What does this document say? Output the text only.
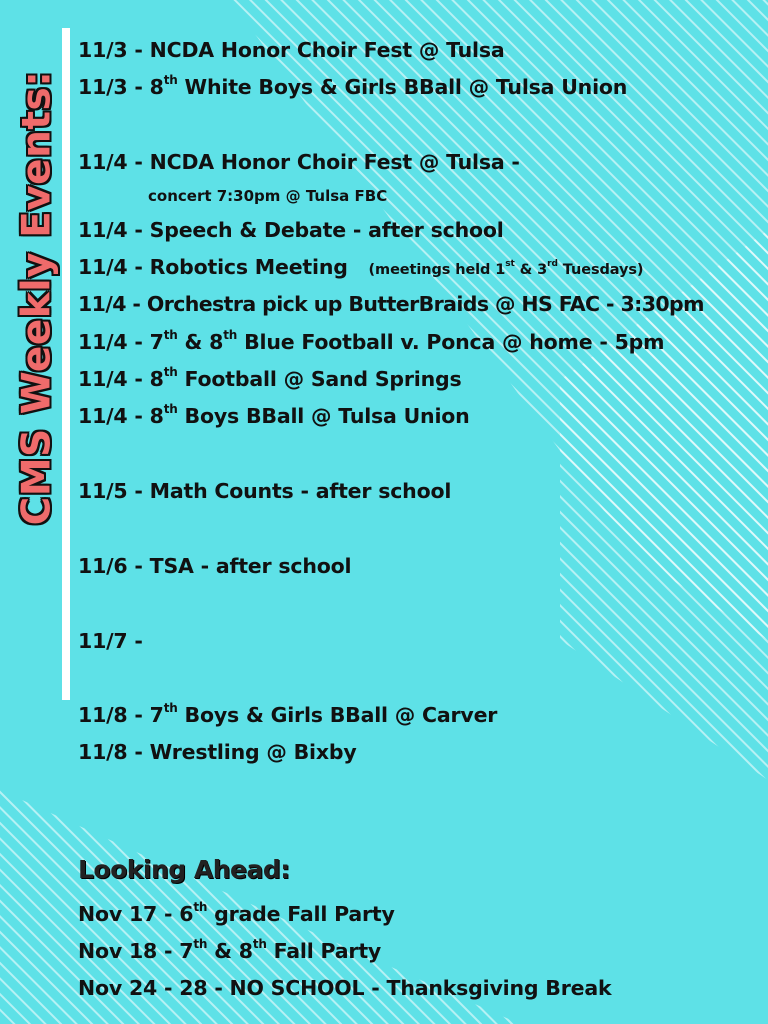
CMS Weekly Events:
11/3 - NCDA Honor Choir Fest @ Tulsa
11/3 - 8th White Boys & Girls BBall @ Tulsa Union
11/4 - NCDA Honor Choir Fest @ Tulsa -
concert 7:30pm @ Tulsa FBC
11/4 - Speech & Debate - after school
11/4 - Robotics Meeting (meetings held 1st & 3rd Tuesdays)
11/4 - Orchestra pick up ButterBraids @ HS FAC - 3:30pm
11/4 - 7th & 8th Blue Football v. Ponca @ home - 5pm
11/4 - 8th Football @ Sand Springs
11/4 - 8th Boys BBall @ Tulsa Union
11/5 - Math Counts - after school
11/6 - TSA - after school
11/7 -
11/8 - 7th Boys & Girls BBall @ Carver
11/8 - Wrestling @ Bixby
Looking Ahead:
Nov 17 - 6th grade Fall Party
Nov 18 - 7th & 8th Fall Party
Nov 24 - 28 - NO SCHOOL - Thanksgiving Break
